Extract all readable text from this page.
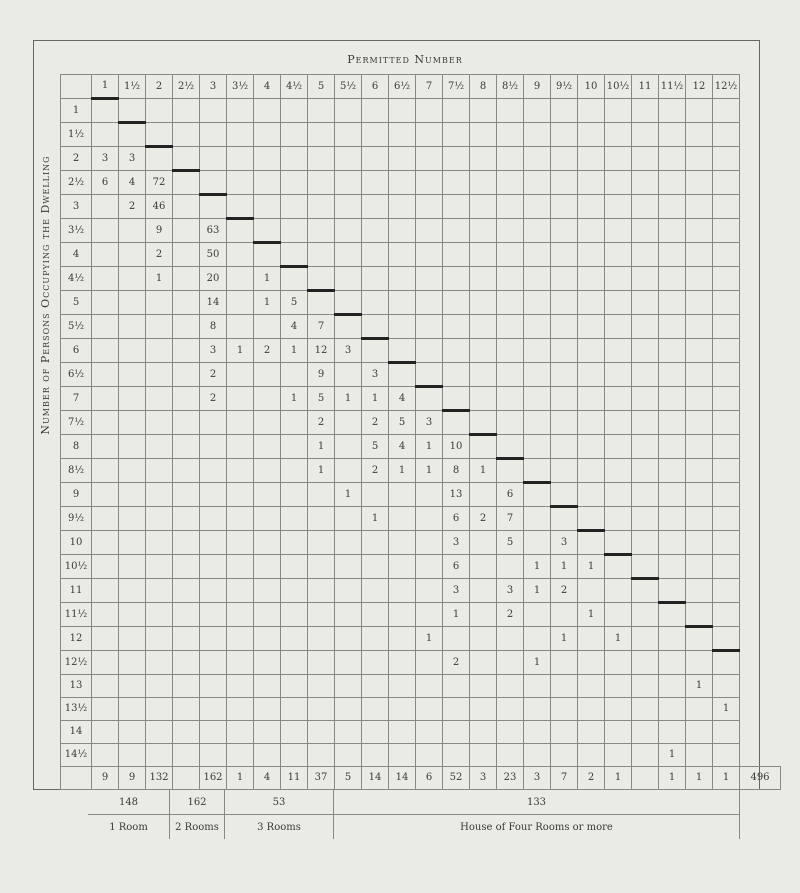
Permitted Number
Number of Persons Occupying the Dwelling
	1	1½	2	2½	3	3½	4	4½	5	5½	6	6½	7	7½	8	8½	9	9½	10	10½	11	11½	12	12½	
1																									
1½																									
2	3	3																							
2½	6	4	72																						
3		2	46																						
3½			9		63																				
4			2		50																				
4½			1		20		1																		
5					14		1	5																	
5½					8			4	7																
6					3	1	2	1	12	3															
6½					2				9		3														
7					2			1	5	1	1	4													
7½									2		2	5	3												
8									1		5	4	1	10											
8½									1		2	1	1	8	1										
9										1				13		6									
9½											1			6	2	7									
10														3		5		3							
10½														6			1	1	1						
11														3		3	1	2							
11½														1		2			1						
12													1					1		1					
12½														2			1								
13																							1		
13½																								1	
14																									
14½																						1			
	9	9	132		162	1	4	11	37	5	14	14	6	52	3	23	3	7	2	1		1	1	1	496
148	162	53	133
1 Room	2 Rooms	3 Rooms	House of Four Rooms or more
